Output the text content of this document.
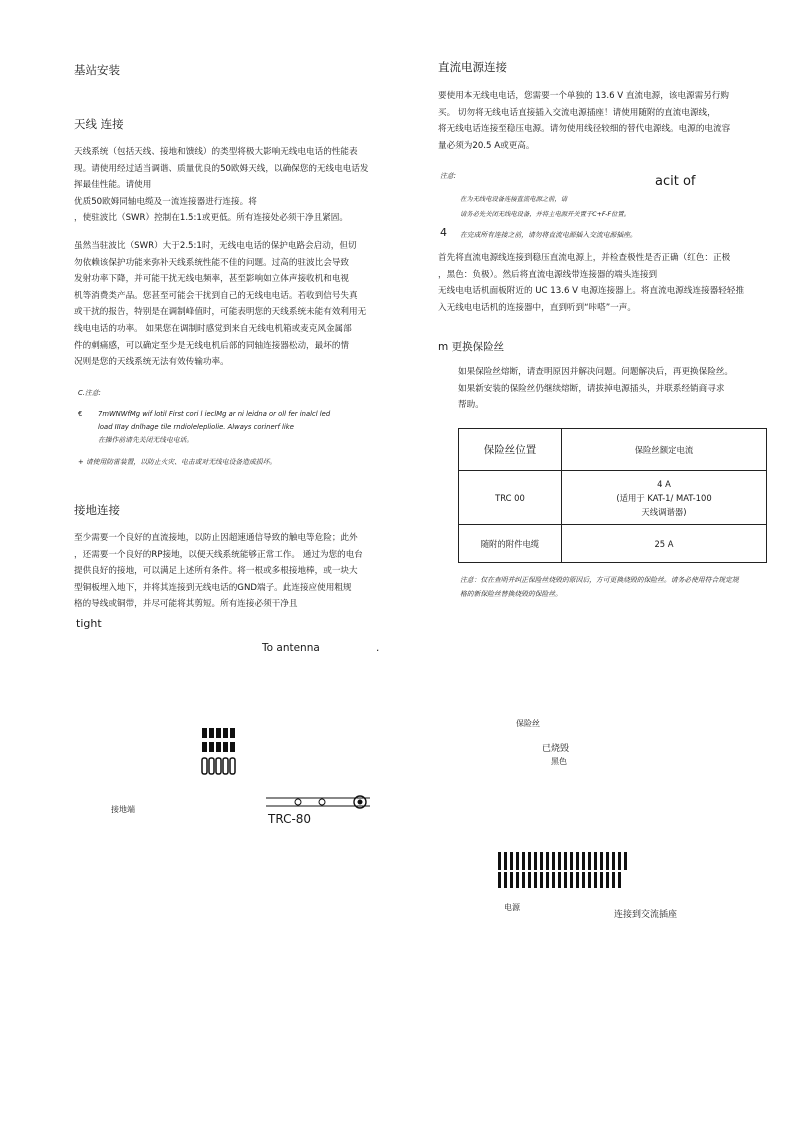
基站安装
天线 连接
天线系统（包括天线、接地和馈线）的类型将极大影响无线电电话的性能表
现。请使用经过适当调谐、质量优良的50欧姆天线，以确保您的无线电电话发
挥最佳性能。请使用
优质50欧姆同轴电缆及一流连接器进行连接。将
，使驻波比（SWR）控制在1.5:1或更低。所有连接处必须干净且紧固。
虽然当驻波比（SWR）大于2.5:1时，无线电电话的保护电路会启动，但切
勿依赖该保护功能来弥补天线系统性能不佳的问题。过高的驻波比会导致
发射功率下降，并可能干扰无线电频率，甚至影响如立体声接收机和电视
机等消费类产品。您甚至可能会干扰到自己的无线电电话。若收到信号失真
或干扰的报告，特别是在调制峰值时，可能表明您的天线系统未能有效利用无
线电电话的功率。 如果您在调制时感觉到来自无线电机箱或麦克风金属部
件的刺痛感，可以确定至少是无线电机后部的同轴连接器松动，最坏的情
况则是您的天线系统无法有效传输功率。
C.注意:
€ 7mWNWfMg wif lotil First cori l ieclMg ar ni leidna or oll fer inalcl led
load IIIay dnlhage tile rndiolelepliolie. Always corinerf like
在操作前请先关闭无线电电话。
+ 请使用防雷装置，以防止火灾、电击或对无线电设备造成损坏。
接地连接
至少需要一个良好的直流接地，以防止因超速通信导致的触电等危险；此外
，还需要一个良好的RP接地，以便天线系统能够正常工作。 通过为您的电台
提供良好的接地，可以满足上述所有条件。将一根或多根接地棒，或一块大
型铜板埋入地下，并将其连接到无线电话的GND端子。此连接应使用粗规
格的导线或铜带，并尽可能将其剪短。所有连接必须干净且
tight
To antenna	.
接地端
TRC-80
直流电源连接
要使用本无线电电话，您需要一个单独的 13.6 V 直流电源，该电源需另行购
买。 切勿将无线电话直接插入交流电源插座！请使用随附的直流电源线，
将无线电话连接至稳压电源。请勿使用线径较细的替代电源线。电源的电流容
量必须为20.5 A或更高。
注意:	acit of
在为无线电设备连接直流电源之前，请
请务必先关闭无线电设备，并将主电源开关置于C+F-F位置。
4 在完成所有连接之前，请勿将直流电源插入交流电源插座。
首先将直流电源线连接到稳压直流电源上，并检查极性是否正确（红色：正极
，黑色：负极）。然后将直流电源线带连接器的端头连接到
无线电电话机面板附近的 UC 13.6 V 电源连接器上。将直流电源线连接器轻轻推
入无线电电话机的连接器中，直到听到“咔嗒”一声。
m 更换保险丝
如果保险丝熔断，请查明原因并解决问题。问题解决后，再更换保险丝。
如果新安装的保险丝仍继续熔断，请拔掉电源插头，并联系经销商寻求
帮助。
保险丝位置	保险丝额定电流
TRC 00	4 A
(适用于 KAT-1/ MAT-100
天线调谐器)

随附的附件电缆	25 A
注意：仅在查明并纠正保险丝烧毁的原因后，方可更换烧毁的保险丝。请务必使用符合规定规
格的新保险丝替换烧毁的保险丝。
保险丝
已烧毁
黑色
电源
连接到交流插座
